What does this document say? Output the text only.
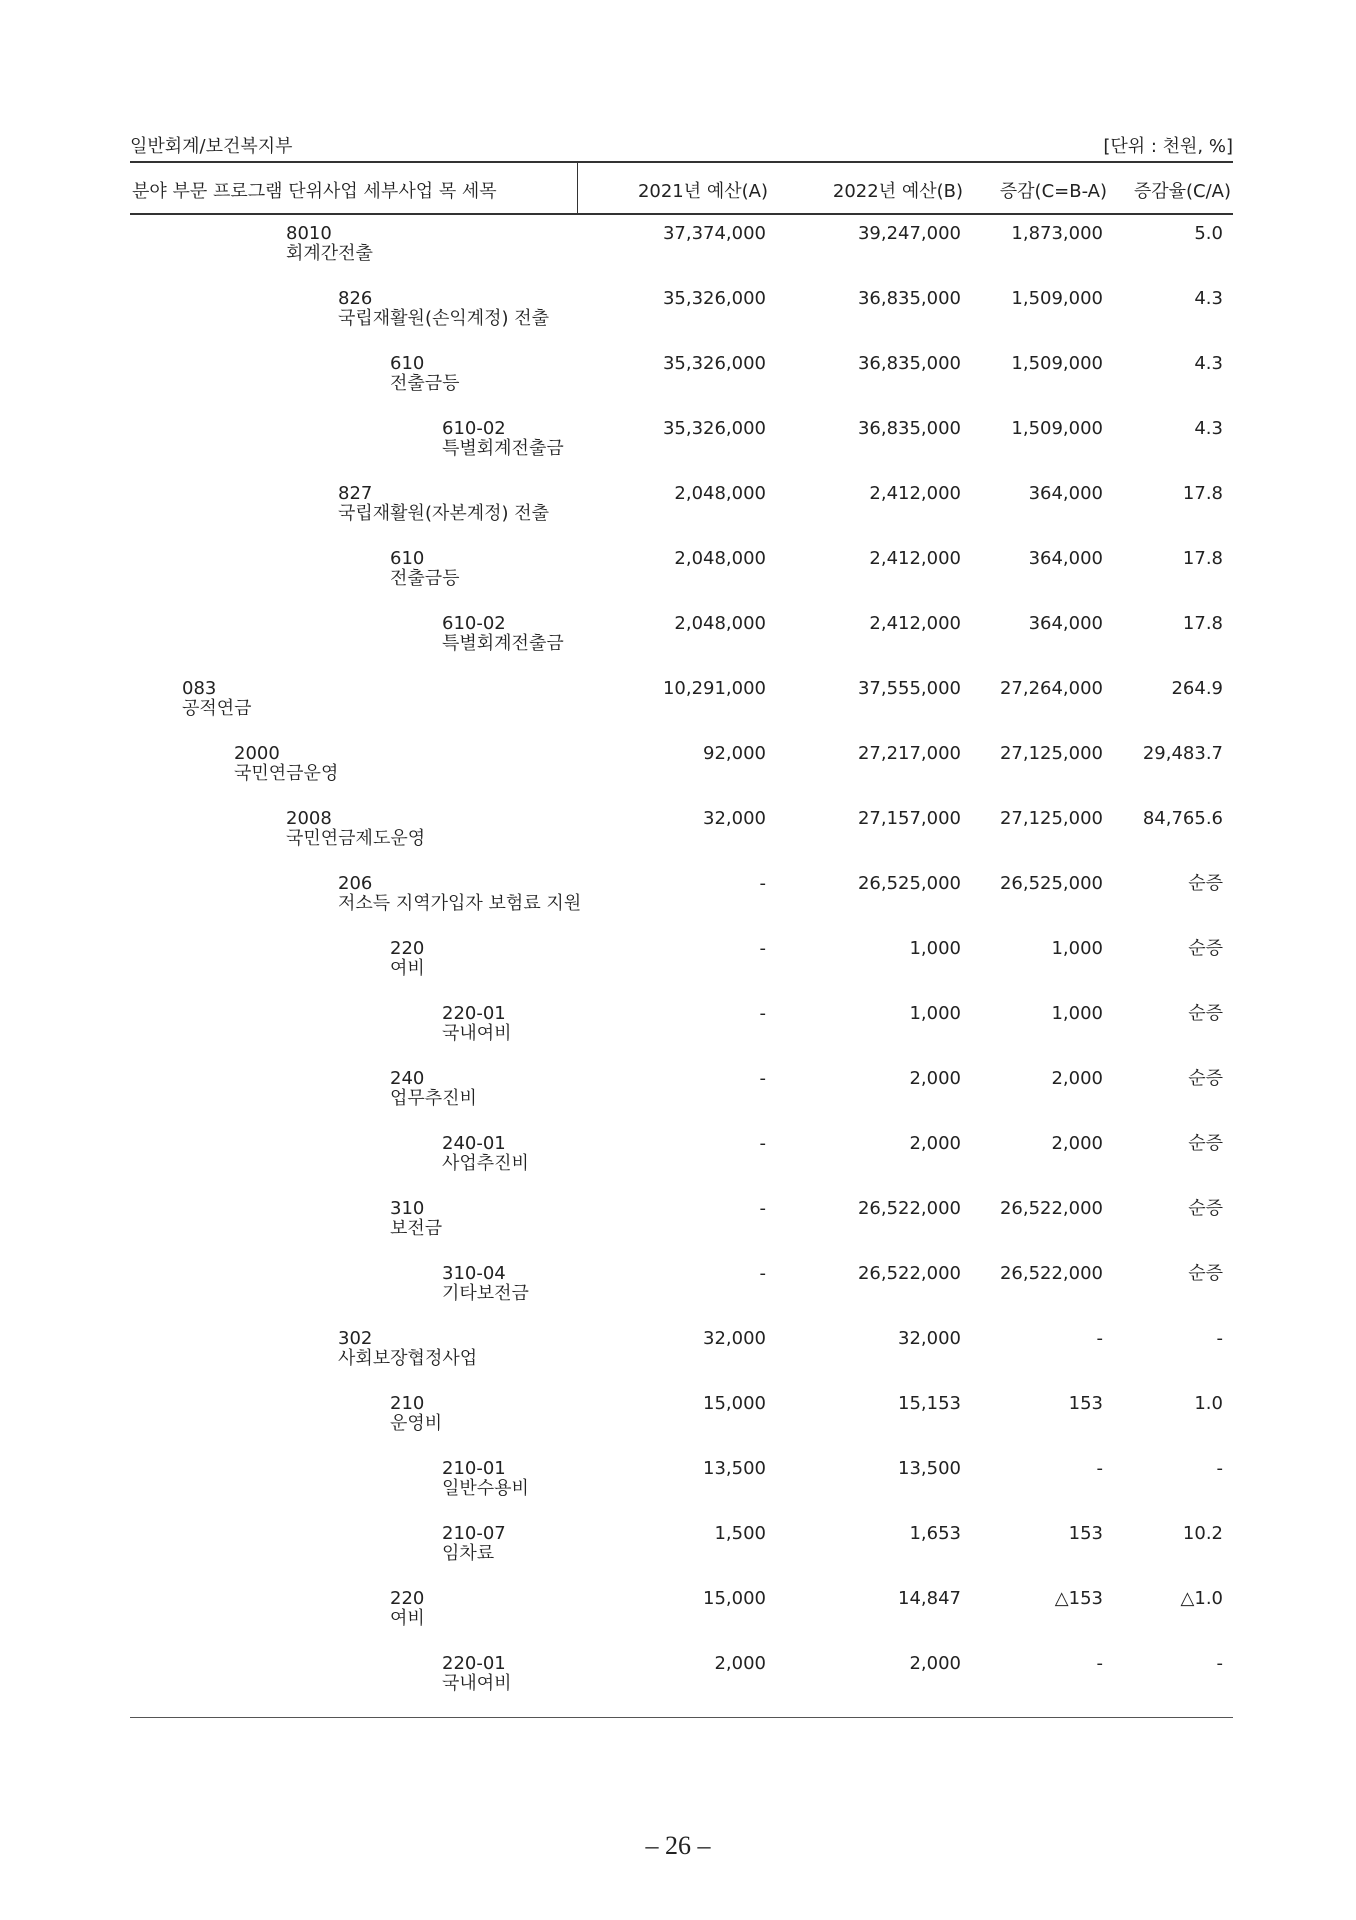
일반회계/보건복지부	[단위 : 천원, %]
분야 부문 프로그램 단위사업 세부사업 목 세목	2021년 예산(A)	2022년 예산(B) 증감(C=B-A) 증감율(C/A)
8010
회계간전출
37,374,000	39,247,000	1,873,000	5.0
826
국립재활원(손익계정) 전출
35,326,000	36,835,000	1,509,000	4.3
610
전출금등
35,326,000	36,835,000	1,509,000	4.3
610-02
특별회계전출금
35,326,000	36,835,000	1,509,000	4.3
827
국립재활원(자본계정) 전출
2,048,000	2,412,000	364,000	17.8
610
전출금등
2,048,000	2,412,000	364,000	17.8
610-02
특별회계전출금
2,048,000	2,412,000	364,000	17.8
083
공적연금
10,291,000	37,555,000 27,264,000	264.9
2000
국민연금운영
92,000	27,217,000 27,125,000 29,483.7
2008
국민연금제도운영
32,000	27,157,000 27,125,000 84,765.6
206
저소득 지역가입자 보험료 지원
-	26,525,000 26,525,000	순증
220
여비
-	1,000	1,000	순증
220-01
국내여비
-	1,000	1,000	순증
240
업무추진비
-	2,000	2,000	순증
240-01
사업추진비
-	2,000	2,000	순증
310
보전금
-	26,522,000 26,522,000	순증
310-04
기타보전금
-	26,522,000 26,522,000	순증
302
사회보장협정사업
32,000	32,000	-	-
210
운영비
15,000	15,153	153	1.0
210-01
일반수용비
13,500	13,500	-	-
210-07
임차료
1,500	1,653	153	10.2
220
여비
15,000	14,847	△153	△1.0
220-01
국내여비
2,000	2,000	-	-
– 26 –
